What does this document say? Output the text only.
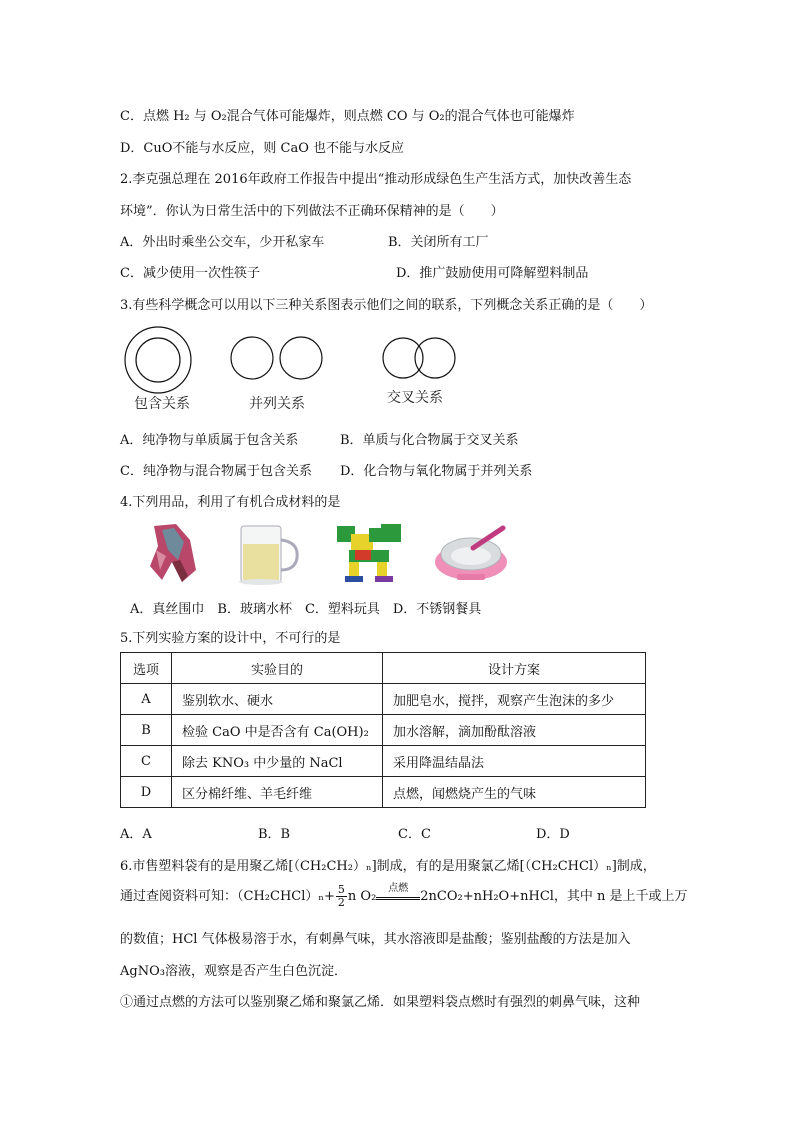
C．点燃 H₂ 与 O₂混合气体可能爆炸，则点燃 CO 与 O₂的混合气体也可能爆炸
D．CuO不能与水反应，则 CaO 也不能与水反应
2.李克强总理在 2016年政府工作报告中提出“推动形成绿色生产生活方式，加快改善生态
环境”．你认为日常生活中的下列做法不正确环保精神的是（　　）
A．外出时乘坐公交车，少开私家车	B．关闭所有工厂
C．减少使用一次性筷子	D．推广鼓励使用可降解塑料制品
3.有些科学概念可以用以下三种关系图表示他们之间的联系，下列概念关系正确的是（　　）
包含关系	并列关系	交叉关系
A．纯净物与单质属于包含关系	B．单质与化合物属于交叉关系
C．纯净物与混合物属于包含关系 D．化合物与氧化物属于并列关系
4.下列用品，利用了有机合成材料的是
A．真丝围巾　B．玻璃水杯　C．塑料玩具　D．不锈钢餐具
5.下列实验方案的设计中，不可行的是
选项	实验目的	设计方案
A	鉴别软水、硬水	加肥皂水，搅拌，观察产生泡沫的多少
B	检验 CaO 中是否含有 Ca(OH)₂	加水溶解，滴加酚酞溶液
C	除去 KNO₃ 中少量的 NaCl	采用降温结晶法
D	区分棉纤维、羊毛纤维	点燃，闻燃烧产生的气味
A．A	B．B	C．C	D．D
6.市售塑料袋有的是用聚乙烯[（CH₂CH₂）ₙ]制成，有的是用聚氯乙烯[（CH₂CHCl）ₙ]制成，
通过查阅资料可知：（CH₂CHCl）ₙ+ $\frac{5}{2}$ n O₂
点燃
2nCO₂+nH₂O+nHCl，其中 n 是上千或上万
的数值；HCl 气体极易溶于水，有刺鼻气味，其水溶液即是盐酸；鉴别盐酸的方法是加入
AgNO₃溶液，观察是否产生白色沉淀．
①通过点燃的方法可以鉴别聚乙烯和聚氯乙烯．如果塑料袋点燃时有强烈的刺鼻气味，这种
